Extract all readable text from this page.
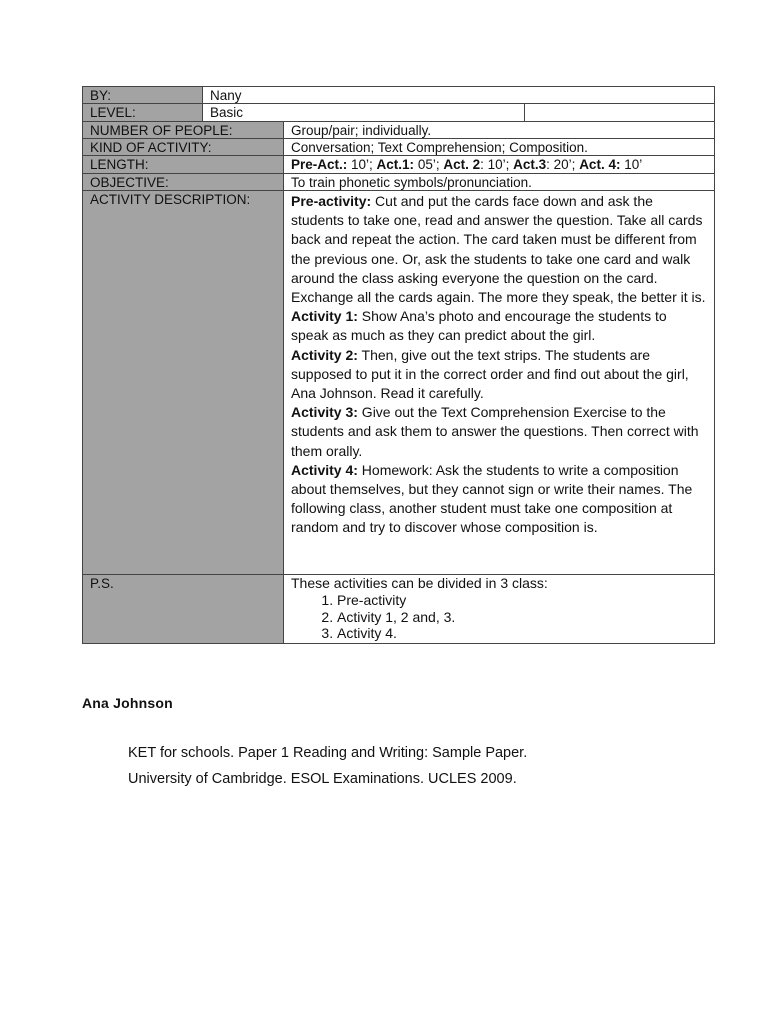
BY:	Nany
LEVEL:	Basic
NUMBER OF PEOPLE:	Group/pair; individually.
KIND OF ACTIVITY:	Conversation; Text Comprehension; Composition.
LENGTH:	Pre-Act.: 10’; Act.1: 05’; Act. 2: 10’; Act.3: 20’; Act. 4: 10’
OBJECTIVE:	To train phonetic symbols/pronunciation.
ACTIVITY DESCRIPTION:	Pre-activity: Cut and put the cards face down and ask the students to take one, read and answer the question. Take all cards back and repeat the action. The card taken must be different from the previous one. Or, ask the students to take one card and walk around the class asking everyone the question on the card. Exchange all the cards again. The more they speak, the better it is.

Activity 1: Show Ana’s photo and encourage the students to speak as much as they can predict about the girl.

Activity 2: Then, give out the text strips. The students are supposed to put it in the correct order and find out about the girl, Ana Johnson. Read it carefully.

Activity 3: Give out the Text Comprehension Exercise to the students and ask them to answer the questions. Then correct with them orally.

Activity 4: Homework: Ask the students to write a composition about themselves, but they cannot sign or write their names. The following class, another student must take one composition at random and try to discover whose composition is.

P.S.	These activities can be divided in 3 class:
1. Pre-activity
2. Activity 1, 2 and, 3.
3. Activity 4.
Ana Johnson
KET for schools. Paper 1 Reading and Writing: Sample Paper.
University of Cambridge. ESOL Examinations. UCLES 2009.
